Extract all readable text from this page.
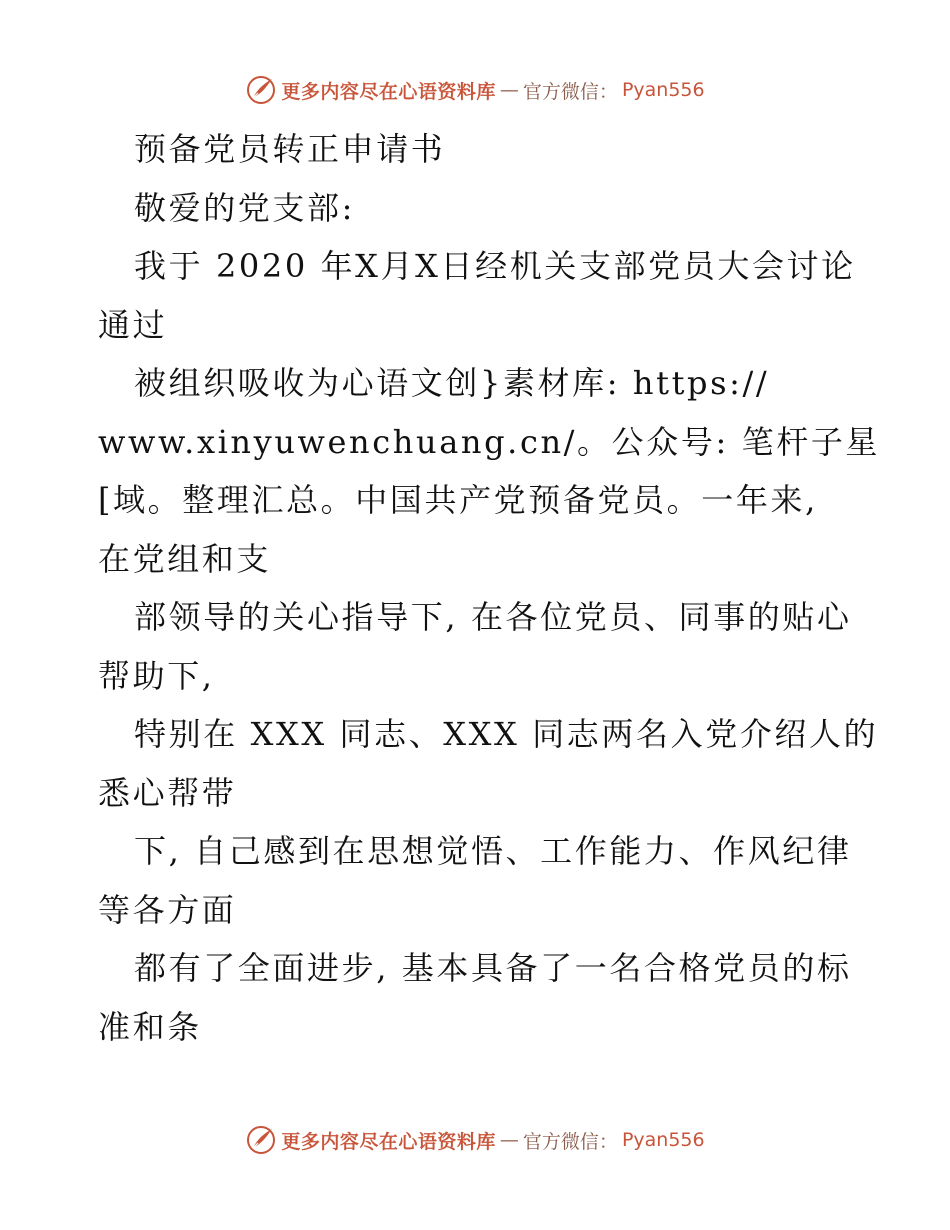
更多内容尽在心语资料库 — 官方微信： Pyan556
预备党员转正申请书
敬爱的党支部:
我于 2020 年X月X日经机关支部党员大会讨论
通过
被组织吸收为心语文创}素材库: https://
www.xinyuwenchuang.cn/。公众号: 笔杆子星
[域。整理汇总。中国共产党预备党员。一年来,
在党组和支
部领导的关心指导下, 在各位党员、同事的贴心
帮助下,
特别在 XXX 同志、XXX 同志两名入党介绍人的
悉心帮带
下, 自己感到在思想觉悟、工作能力、作风纪律
等各方面
都有了全面进步, 基本具备了一名合格党员的标
准和条
更多内容尽在心语资料库 — 官方微信： Pyan556
